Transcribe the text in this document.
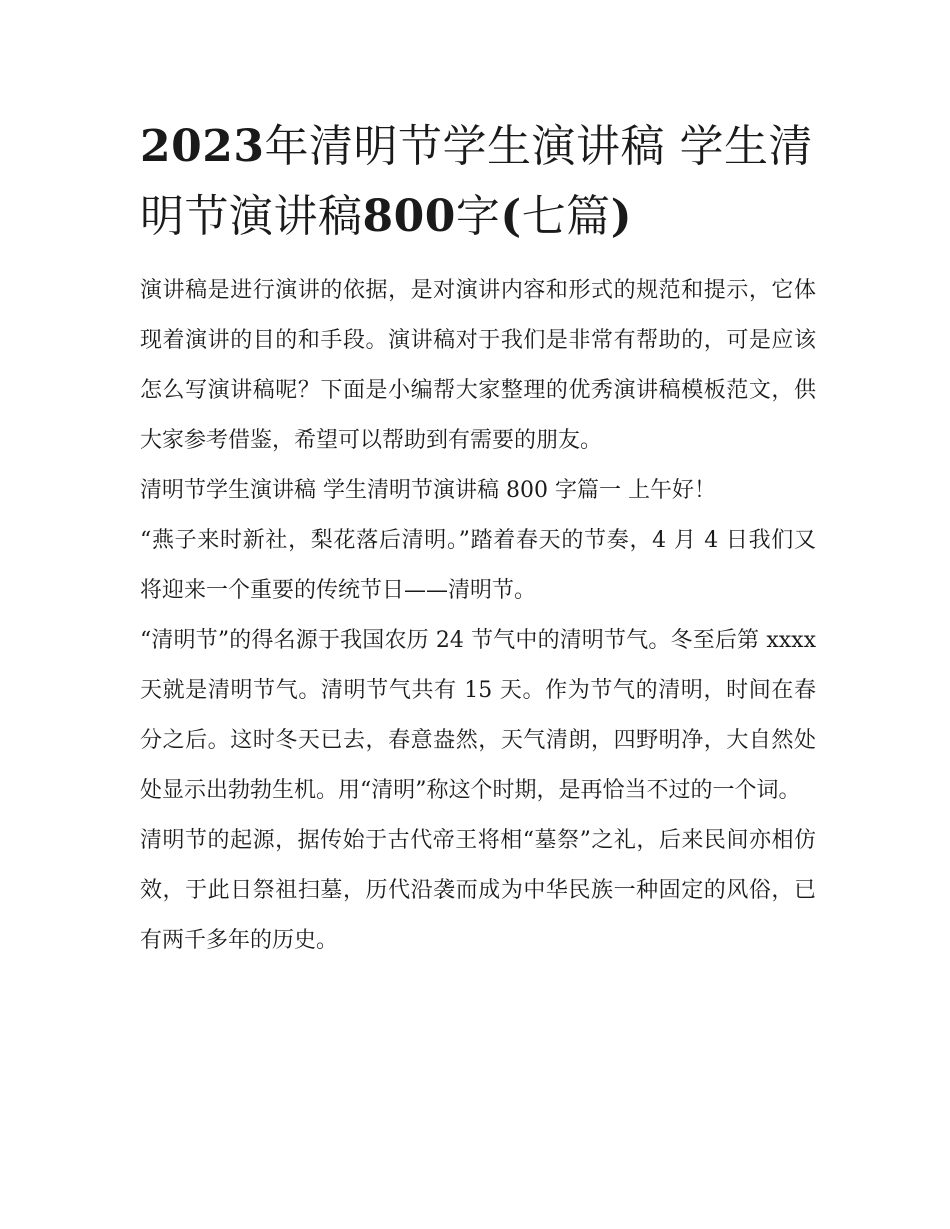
2023年清明节学生演讲稿 学生清明节演讲稿800字(七篇)

演讲稿是进行演讲的依据，是对演讲内容和形式的规范和提示，它体现着演讲的目的和手段。演讲稿对于我们是非常有帮助的，可是应该怎么写演讲稿呢？下面是小编帮大家整理的优秀演讲稿模板范文，供大家参考借鉴，希望可以帮助到有需要的朋友。

清明节学生演讲稿 学生清明节演讲稿 800 字篇一 上午好！

“燕子来时新社，梨花落后清明。”踏着春天的节奏，4 月 4 日我们又将迎来一个重要的传统节日——清明节。

“清明节”的得名源于我国农历 24 节气中的清明节气。冬至后第 xxxx 天就是清明节气。清明节气共有 15 天。作为节气的清明，时间在春分之后。这时冬天已去，春意盎然，天气清朗，四野明净，大自然处处显示出勃勃生机。用“清明”称这个时期，是再恰当不过的一个词。

清明节的起源，据传始于古代帝王将相“墓祭”之礼，后来民间亦相仿效，于此日祭祖扫墓，历代沿袭而成为中华民族一种固定的风俗，已有两千多年的历史。
